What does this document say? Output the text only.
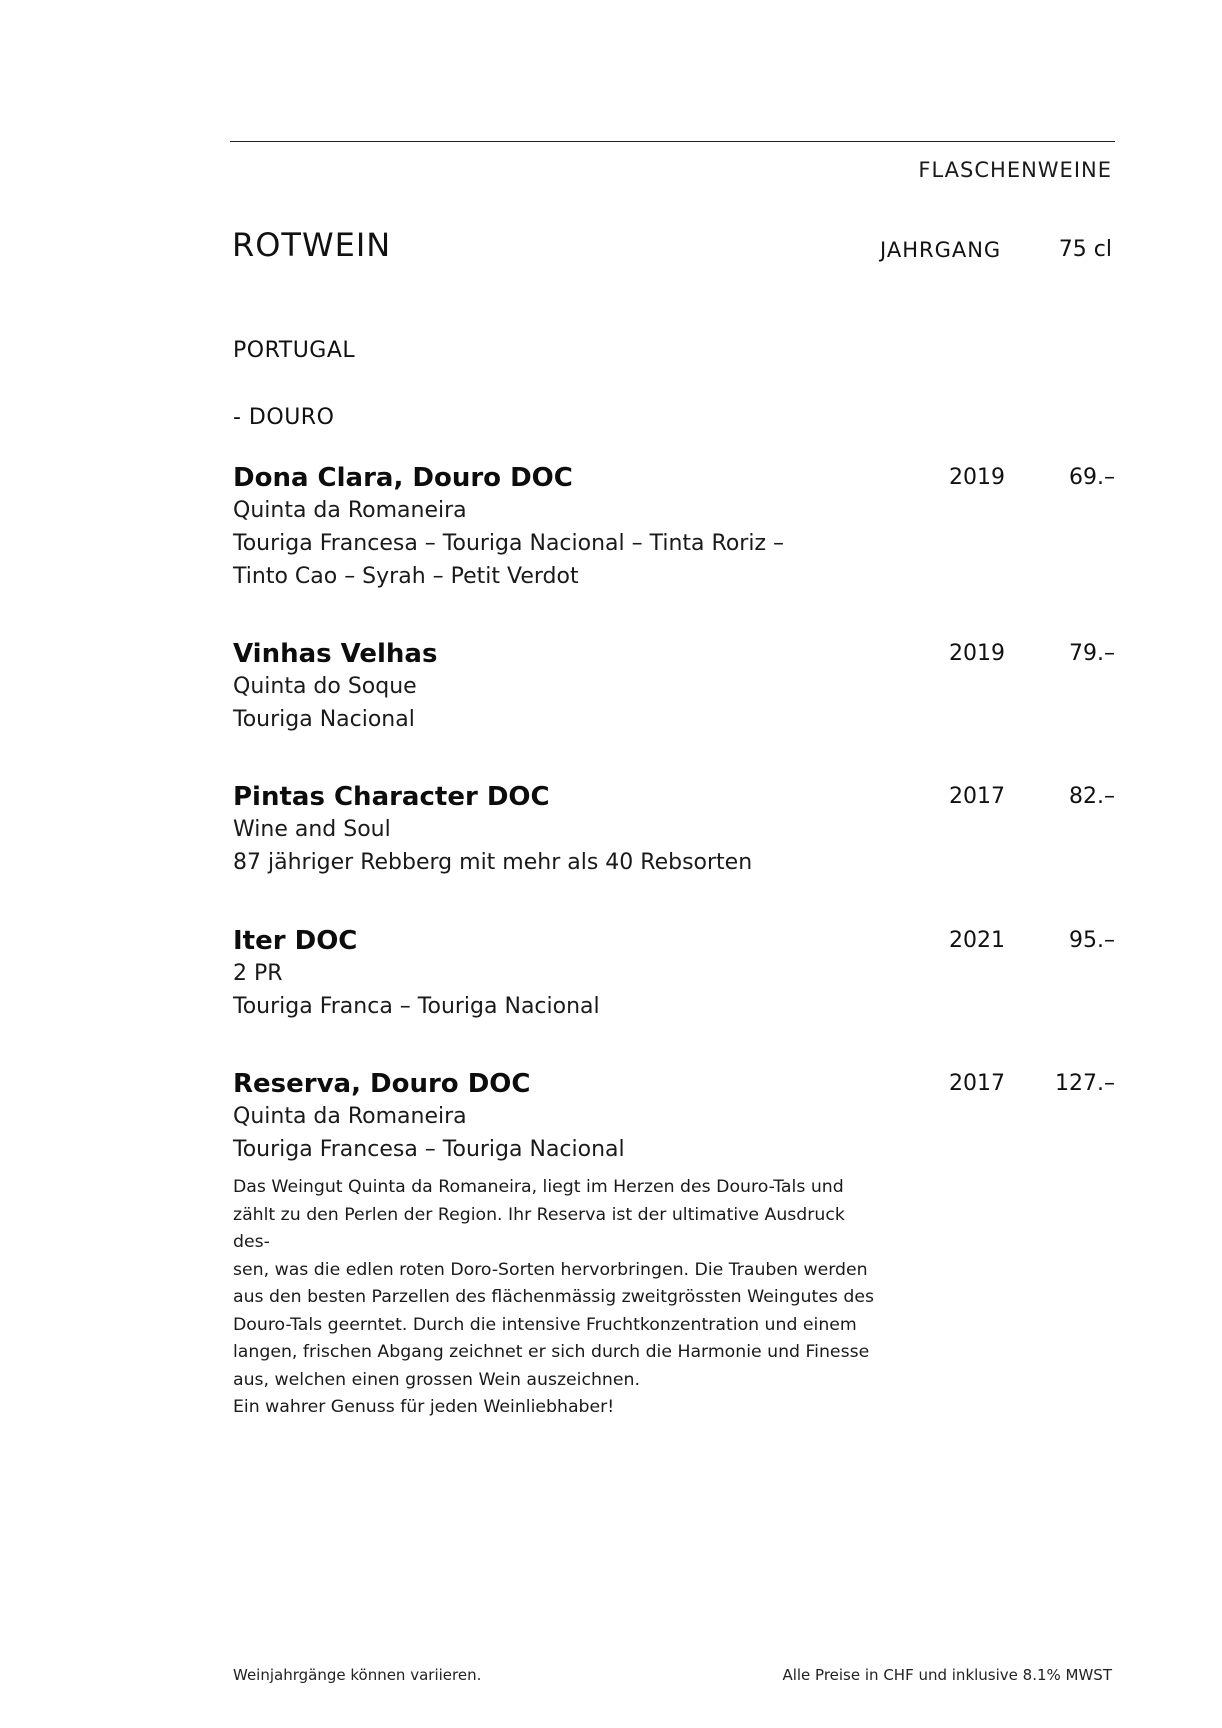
FLASCHENWEINE
ROTWEIN	JAHRGANG	75 cl
PORTUGAL
- DOURO
Dona Clara, Douro DOC	2019	69.–
Quinta da Romaneira
Touriga Francesa – Touriga Nacional – Tinta Roriz –
Tinto Cao – Syrah – Petit Verdot
Vinhas Velhas	2019	79.–
Quinta do Soque
Touriga Nacional
Pintas Character DOC	2017	82.–
Wine and Soul
87 jähriger Rebberg mit mehr als 40 Rebsorten
Iter DOC	2021	95.–
2 PR
Touriga Franca – Touriga Nacional
Reserva, Douro DOC	2017 127.–
Quinta da Romaneira
Touriga Francesa – Touriga Nacional
Das Weingut Quinta da Romaneira, liegt im Herzen des Douro-Tals und
zählt zu den Perlen der Region. Ihr Reserva ist der ultimative Ausdruck des-
sen, was die edlen roten Doro-Sorten hervorbringen. Die Trauben werden
aus den besten Parzellen des flächenmässig zweitgrössten Weingutes des
Douro-Tals geerntet. Durch die intensive Fruchtkonzentration und einem
langen, frischen Abgang zeichnet er sich durch die Harmonie und Finesse
aus, welchen einen grossen Wein auszeichnen.
Ein wahrer Genuss für jeden Weinliebhaber!
Weinjahrgänge können variieren.	Alle Preise in CHF und inklusive 8.1% MWST
